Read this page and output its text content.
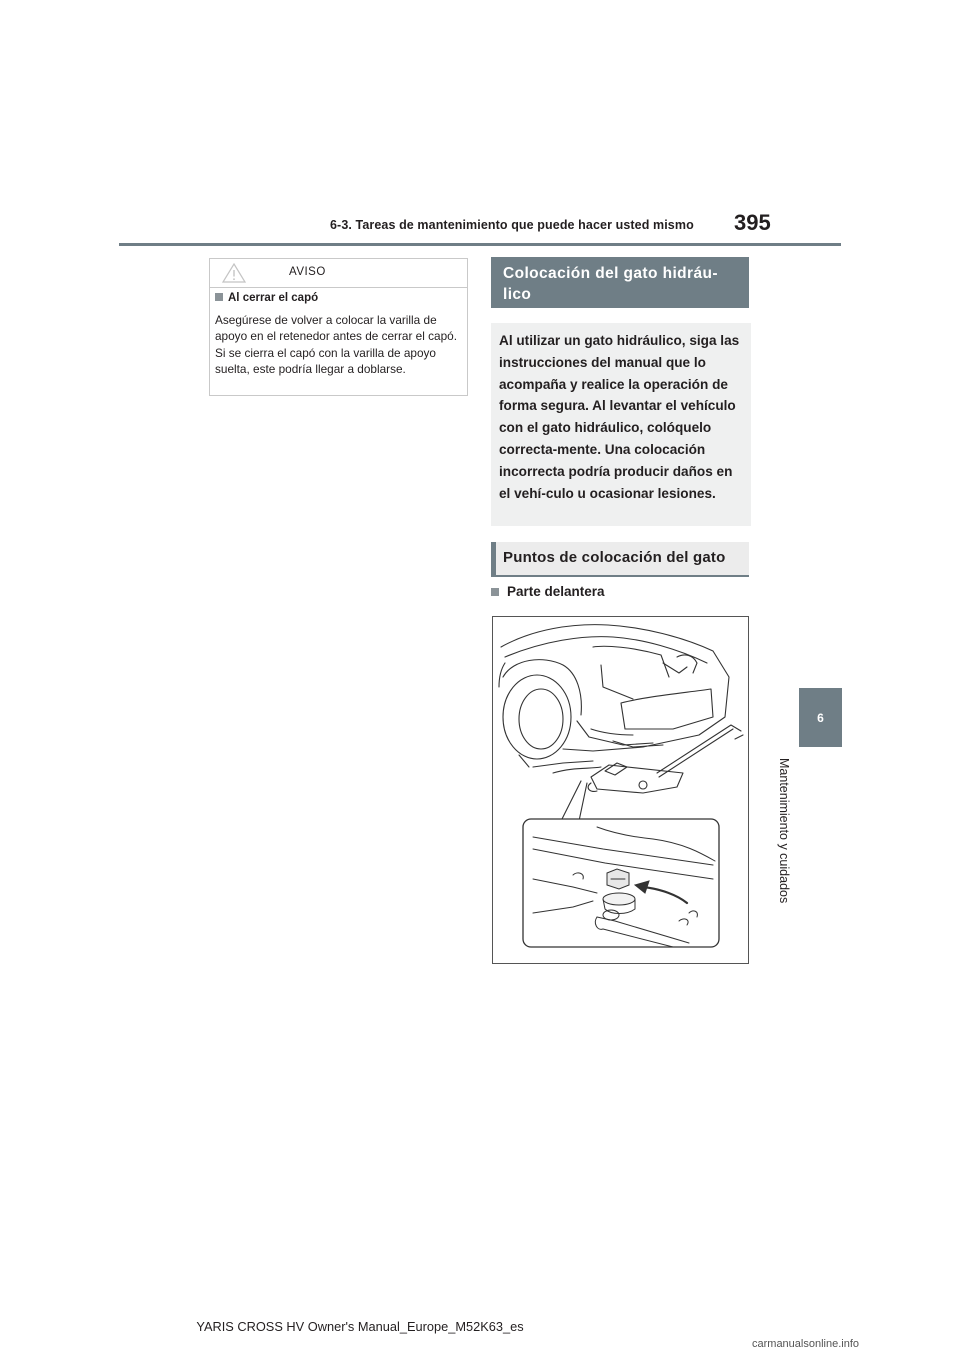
6-3. Tareas de mantenimiento que puede hacer usted mismo 395
6
Mantenimiento y cuidados
AVISO
Al cerrar el capó
Asegúrese de volver a colocar la varilla de apoyo en el retenedor antes de cerrar el capó. Si se cierra el capó con la varilla de apoyo suelta, este podría llegar a doblarse.
Colocación del gato hidráu-lico
Al utilizar un gato hidráulico, siga las instrucciones del manual que lo acompaña y realice la operación de forma segura. Al levantar el vehículo con el gato hidráulico, colóquelo correcta-mente. Una colocación incorrecta podría producir daños en el vehí-culo u ocasionar lesiones.
Puntos de colocación del gato
Parte delantera
YARIS CROSS HV Owner's Manual_Europe_M52K63_es
carmanualsonline.info
